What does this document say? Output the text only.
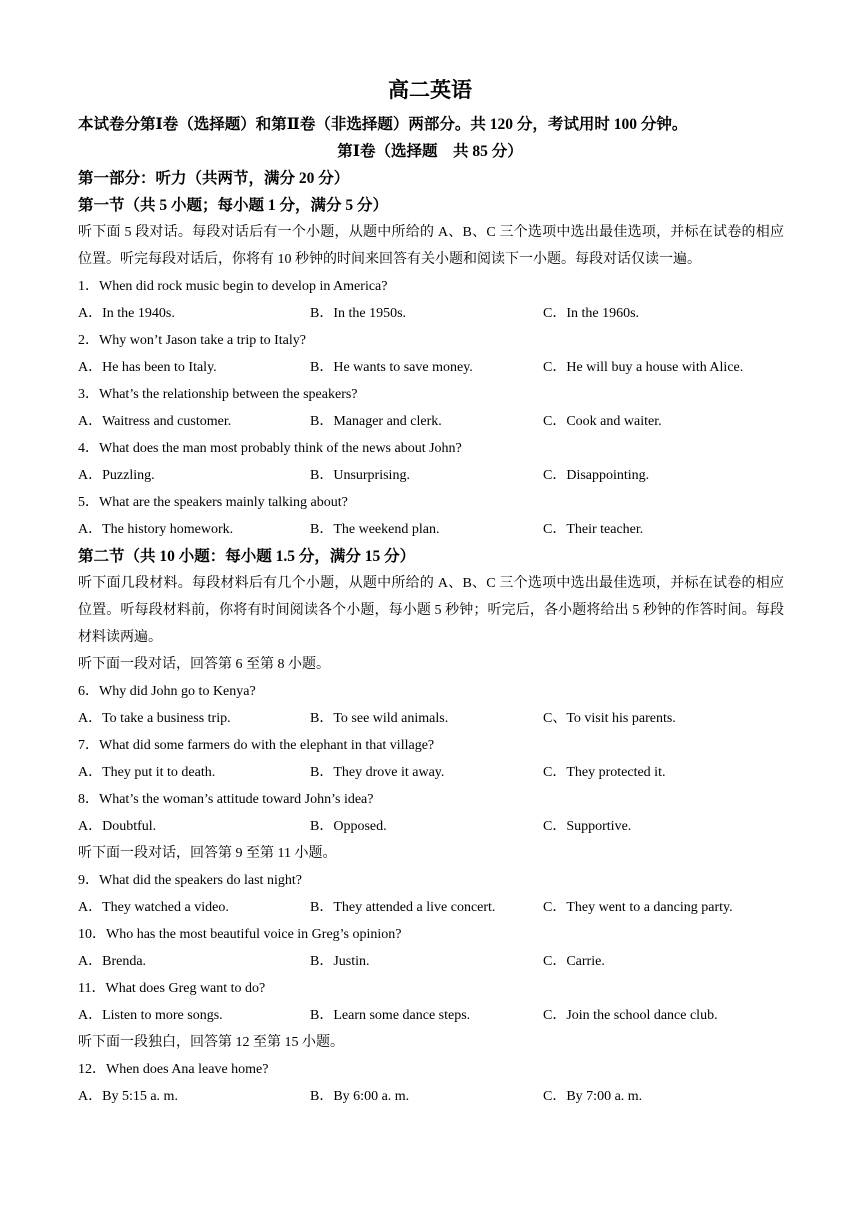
高二英语
本试卷分第Ⅰ卷（选择题）和第Ⅱ卷（非选择题）两部分。共 120 分，考试用时 100 分钟。
第Ⅰ卷（选择题　共 85 分）
第一部分：听力（共两节，满分 20 分）
第一节（共 5 小题；每小题 1 分，满分 5 分）
听下面 5 段对话。每段对话后有一个小题，从题中所给的 A、B、C 三个选项中选出最佳选项，并标在试卷的相应位置。听完每段对话后，你将有 10 秒钟的时间来回答有关小题和阅读下一小题。每段对话仅读一遍。
1．When did rock music begin to develop in America?
A．In the 1940s.	B．In the 1950s.	C．In the 1960s.
2．Why won’t Jason take a trip to Italy?
A．He has been to Italy.	B．He wants to save money.	C．He will buy a house with Alice.
3．What’s the relationship between the speakers?
A．Waitress and customer.	B．Manager and clerk.	C．Cook and waiter.
4．What does the man most probably think of the news about John?
A．Puzzling.	B．Unsurprising.	C．Disappointing.
5．What are the speakers mainly talking about?
A．The history homework.	B．The weekend plan.	C．Their teacher.
第二节（共 10 小题：每小题 1.5 分，满分 15 分）
听下面几段材料。每段材料后有几个小题，从题中所给的 A、B、C 三个选项中选出最佳选项，并标在试卷的相应位置。听每段材料前，你将有时间阅读各个小题，每小题 5 秒钟；听完后，各小题将给出 5 秒钟的作答时间。每段材料读两遍。
听下面一段对话，回答第 6 至第 8 小题。
6．Why did John go to Kenya?
A．To take a business trip.	B．To see wild animals.	C、To visit his parents.
7．What did some farmers do with the elephant in that village?
A．They put it to death.	B．They drove it away.	C．They protected it.
8．What’s the woman’s attitude toward John’s idea?
A．Doubtful.	B．Opposed.	C．Supportive.
听下面一段对话，回答第 9 至第 11 小题。
9．What did the speakers do last night?
A．They watched a video.	B．They attended a live concert.	C．They went to a dancing party.
10．Who has the most beautiful voice in Greg’s opinion?
A．Brenda.	B．Justin.	C．Carrie.
11．What does Greg want to do?
A．Listen to more songs.	B．Learn some dance steps.	C．Join the school dance club.
听下面一段独白，回答第 12 至第 15 小题。
12．When does Ana leave home?
A．By 5:15 a. m.	B．By 6:00 a. m.	C．By 7:00 a. m.
